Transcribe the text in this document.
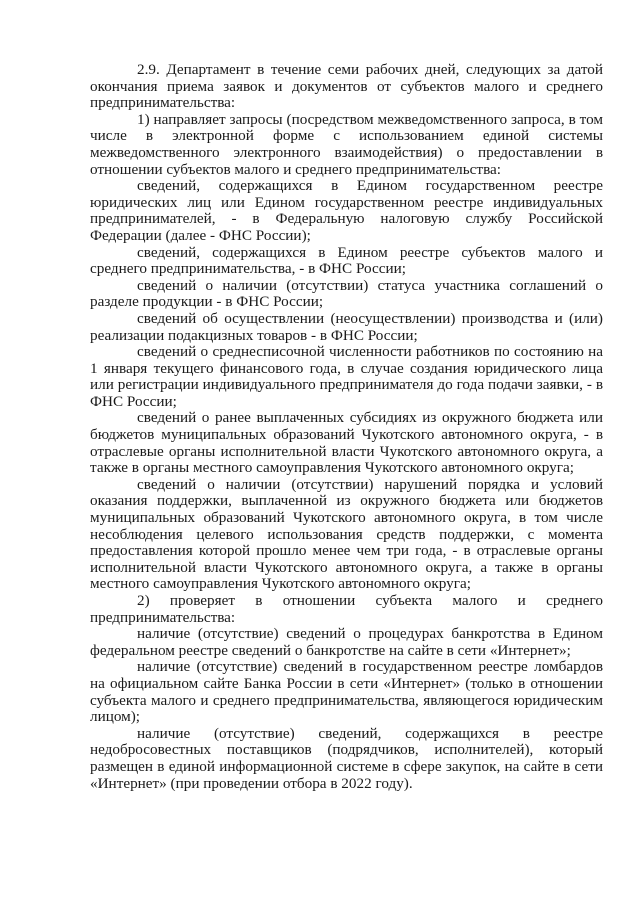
2.9. Департамент в течение семи рабочих дней, следующих за датой окончания приема заявок и документов от субъектов малого и среднего предпринимательства:

1) направляет запросы (посредством межведомственного запроса, в том числе в электронной форме с использованием единой системы межведомственного электронного взаимодействия) о предоставлении в отношении субъектов малого и среднего предпринимательства:

сведений, содержащихся в Едином государственном реестре юридических лиц или Едином государственном реестре индивидуальных предпринимателей, - в Федеральную налоговую службу Российской Федерации (далее - ФНС России);

сведений, содержащихся в Едином реестре субъектов малого и среднего предпринимательства, - в ФНС России;

сведений о наличии (отсутствии) статуса участника соглашений о разделе продукции - в ФНС России;

сведений об осуществлении (неосуществлении) производства и (или) реализации подакцизных товаров - в ФНС России;

сведений о среднесписочной численности работников по состоянию на 1 января текущего финансового года, в случае создания юридического лица или регистрации индивидуального предпринимателя до года подачи заявки, - в ФНС России;

сведений о ранее выплаченных субсидиях из окружного бюджета или бюджетов муниципальных образований Чукотского автономного округа, - в отраслевые органы исполнительной власти Чукотского автономного округа, а также в органы местного самоуправления Чукотского автономного округа;

сведений о наличии (отсутствии) нарушений порядка и условий оказания поддержки, выплаченной из окружного бюджета или бюджетов муниципальных образований Чукотского автономного округа, в том числе несоблюдения целевого использования средств поддержки, с момента предоставления которой прошло менее чем три года, - в отраслевые органы исполнительной власти Чукотского автономного округа, а также в органы местного самоуправления Чукотского автономного округа;

2) проверяет в отношении субъекта малого и среднего предпринимательства:

наличие (отсутствие) сведений о процедурах банкротства в Едином федеральном реестре сведений о банкротстве на сайте в сети «Интернет»;

наличие (отсутствие) сведений в государственном реестре ломбардов на официальном сайте Банка России в сети «Интернет» (только в отношении субъекта малого и среднего предпринимательства, являющегося юридическим лицом);

наличие (отсутствие) сведений, содержащихся в реестре недобросовестных поставщиков (подрядчиков, исполнителей), который размещен в единой информационной системе в сфере закупок, на сайте в сети «Интернет» (при проведении отбора в 2022 году).
